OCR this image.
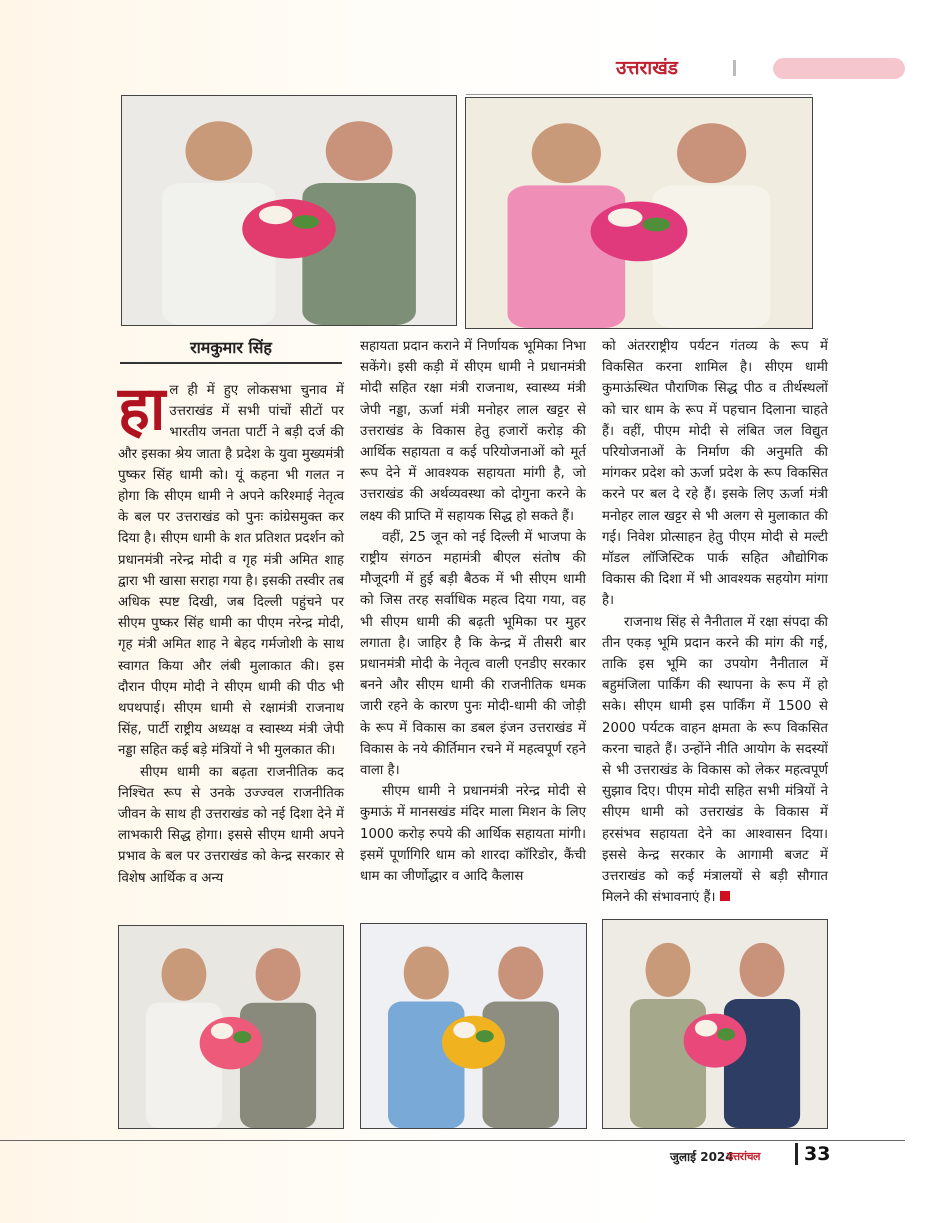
उत्तराखंड
रामकुमार सिंह

हाल ही में हुए लोकसभा चुनाव में उत्तराखंड में सभी पांचों सीटों पर भारतीय जनता पार्टी ने बड़ी दर्ज की और इसका श्रेय जाता है प्रदेश के युवा मुख्यमंत्री पुष्कर सिंह धामी को। यूं कहना भी गलत न होगा कि सीएम धामी ने अपने करिश्माई नेतृत्व के बल पर उत्तराखंड को पुनः कांग्रेसमुक्त कर दिया है। सीएम धामी के शत प्रतिशत प्रदर्शन को प्रधानमंत्री नरेन्द्र मोदी व गृह मंत्री अमित शाह द्वारा भी खासा सराहा गया है। इसकी तस्वीर तब अधिक स्पष्ट दिखी, जब दिल्ली पहुंचने पर सीएम पुष्कर सिंह धामी का पीएम नरेन्द्र मोदी, गृह मंत्री अमित शाह ने बेहद गर्मजोशी के साथ स्वागत किया और लंबी मुलाकात की। इस दौरान पीएम मोदी ने सीएम धामी की पीठ भी थपथपाई। सीएम धामी से रक्षामंत्री राजनाथ सिंह, पार्टी राष्ट्रीय अध्यक्ष व स्वास्थ्य मंत्री जेपी नड्डा सहित कई बड़े मंत्रियों ने भी मुलकात की।

सीएम धामी का बढ़ता राजनीतिक कद निश्चित रूप से उनके उज्ज्वल राजनीतिक जीवन के साथ ही उत्तराखंड को नई दिशा देने में लाभकारी सिद्ध होगा। इससे सीएम धामी अपने प्रभाव के बल पर उत्तराखंड को केन्द्र सरकार से विशेष आर्थिक व अन्य

सहायता प्रदान कराने में निर्णायक भूमिका निभा सकेंगे। इसी कड़ी में सीएम धामी ने प्रधानमंत्री मोदी सहित रक्षा मंत्री राजनाथ, स्वास्थ्य मंत्री जेपी नड्डा, ऊर्जा मंत्री मनोहर लाल खट्टर से उत्तराखंड के विकास हेतु हजारों करोड़ की आर्थिक सहायता व कई परियोजनाओं को मूर्त रूप देने में आवश्यक सहायता मांगी है, जो उत्तराखंड की अर्थव्यवस्था को दोगुना करने के लक्ष्य की प्राप्ति में सहायक सिद्ध हो सकते हैं।

वहीं, 25 जून को नई दिल्ली में भाजपा के राष्ट्रीय संगठन महामंत्री बीएल संतोष की मौजूदगी में हुई बड़ी बैठक में भी सीएम धामी को जिस तरह सर्वाधिक महत्व दिया गया, वह भी सीएम धामी की बढ़ती भूमिका पर मुहर लगाता है। जाहिर है कि केन्द्र में तीसरी बार प्रधानमंत्री मोदी के नेतृत्व वाली एनडीए सरकार बनने और सीएम धामी की राजनीतिक धमक जारी रहने के कारण पुनः मोदी-धामी की जोड़ी के रूप में विकास का डबल इंजन उत्तराखंड में विकास के नये कीर्तिमान रचने में महत्वपूर्ण रहने वाला है।

सीएम धामी ने प्रधानमंत्री नरेन्द्र मोदी से कुमाऊं में मानसखंड मंदिर माला मिशन के लिए 1000 करोड़ रुपये की आर्थिक सहायता मांगी। इसमें पूर्णागिरि धाम को शारदा कॉरिडोर, कैंची धाम का जीर्णोद्धार व आदि कैलास

को अंतरराष्ट्रीय पर्यटन गंतव्य के रूप में विकसित करना शामिल है। सीएम धामी कुमाऊंस्थित पौराणिक सिद्ध पीठ व तीर्थस्थलों को चार धाम के रूप में पहचान दिलाना चाहते हैं। वहीं, पीएम मोदी से लंबित जल विद्युत परियोजनाओं के निर्माण की अनुमति की मांगकर प्रदेश को ऊर्जा प्रदेश के रूप विकसित करने पर बल दे रहे हैं। इसके लिए ऊर्जा मंत्री मनोहर लाल खट्टर से भी अलग से मुलाकात की गई। निवेश प्रोत्साहन हेतु पीएम मोदी से मल्टी मॉडल लॉजिस्टिक पार्क सहित औद्योगिक विकास की दिशा में भी आवश्यक सहयोग मांगा है।

राजनाथ सिंह से नैनीताल में रक्षा संपदा की तीन एकड़ भूमि प्रदान करने की मांग की गई, ताकि इस भूमि का उपयोग नैनीताल में बहुमंजिला पार्किंग की स्थापना के रूप में हो सके। सीएम धामी इस पार्किंग में 1500 से 2000 पर्यटक वाहन क्षमता के रूप विकसित करना चाहते हैं। उन्होंने नीति आयोग के सदस्यों से भी उत्तराखंड के विकास को लेकर महत्वपूर्ण सुझाव दिए। पीएम मोदी सहित सभी मंत्रियों ने सीएम धामी को उत्तराखंड के विकास में हरसंभव सहायता देने का आश्वासन दिया। इससे केन्द्र सरकार के आगामी बजट में उत्तराखंड को कई मंत्रालयों से बड़ी सौगात मिलने की संभावनाएं हैं।

जुलाई 2024
उत्तरांचल 33
